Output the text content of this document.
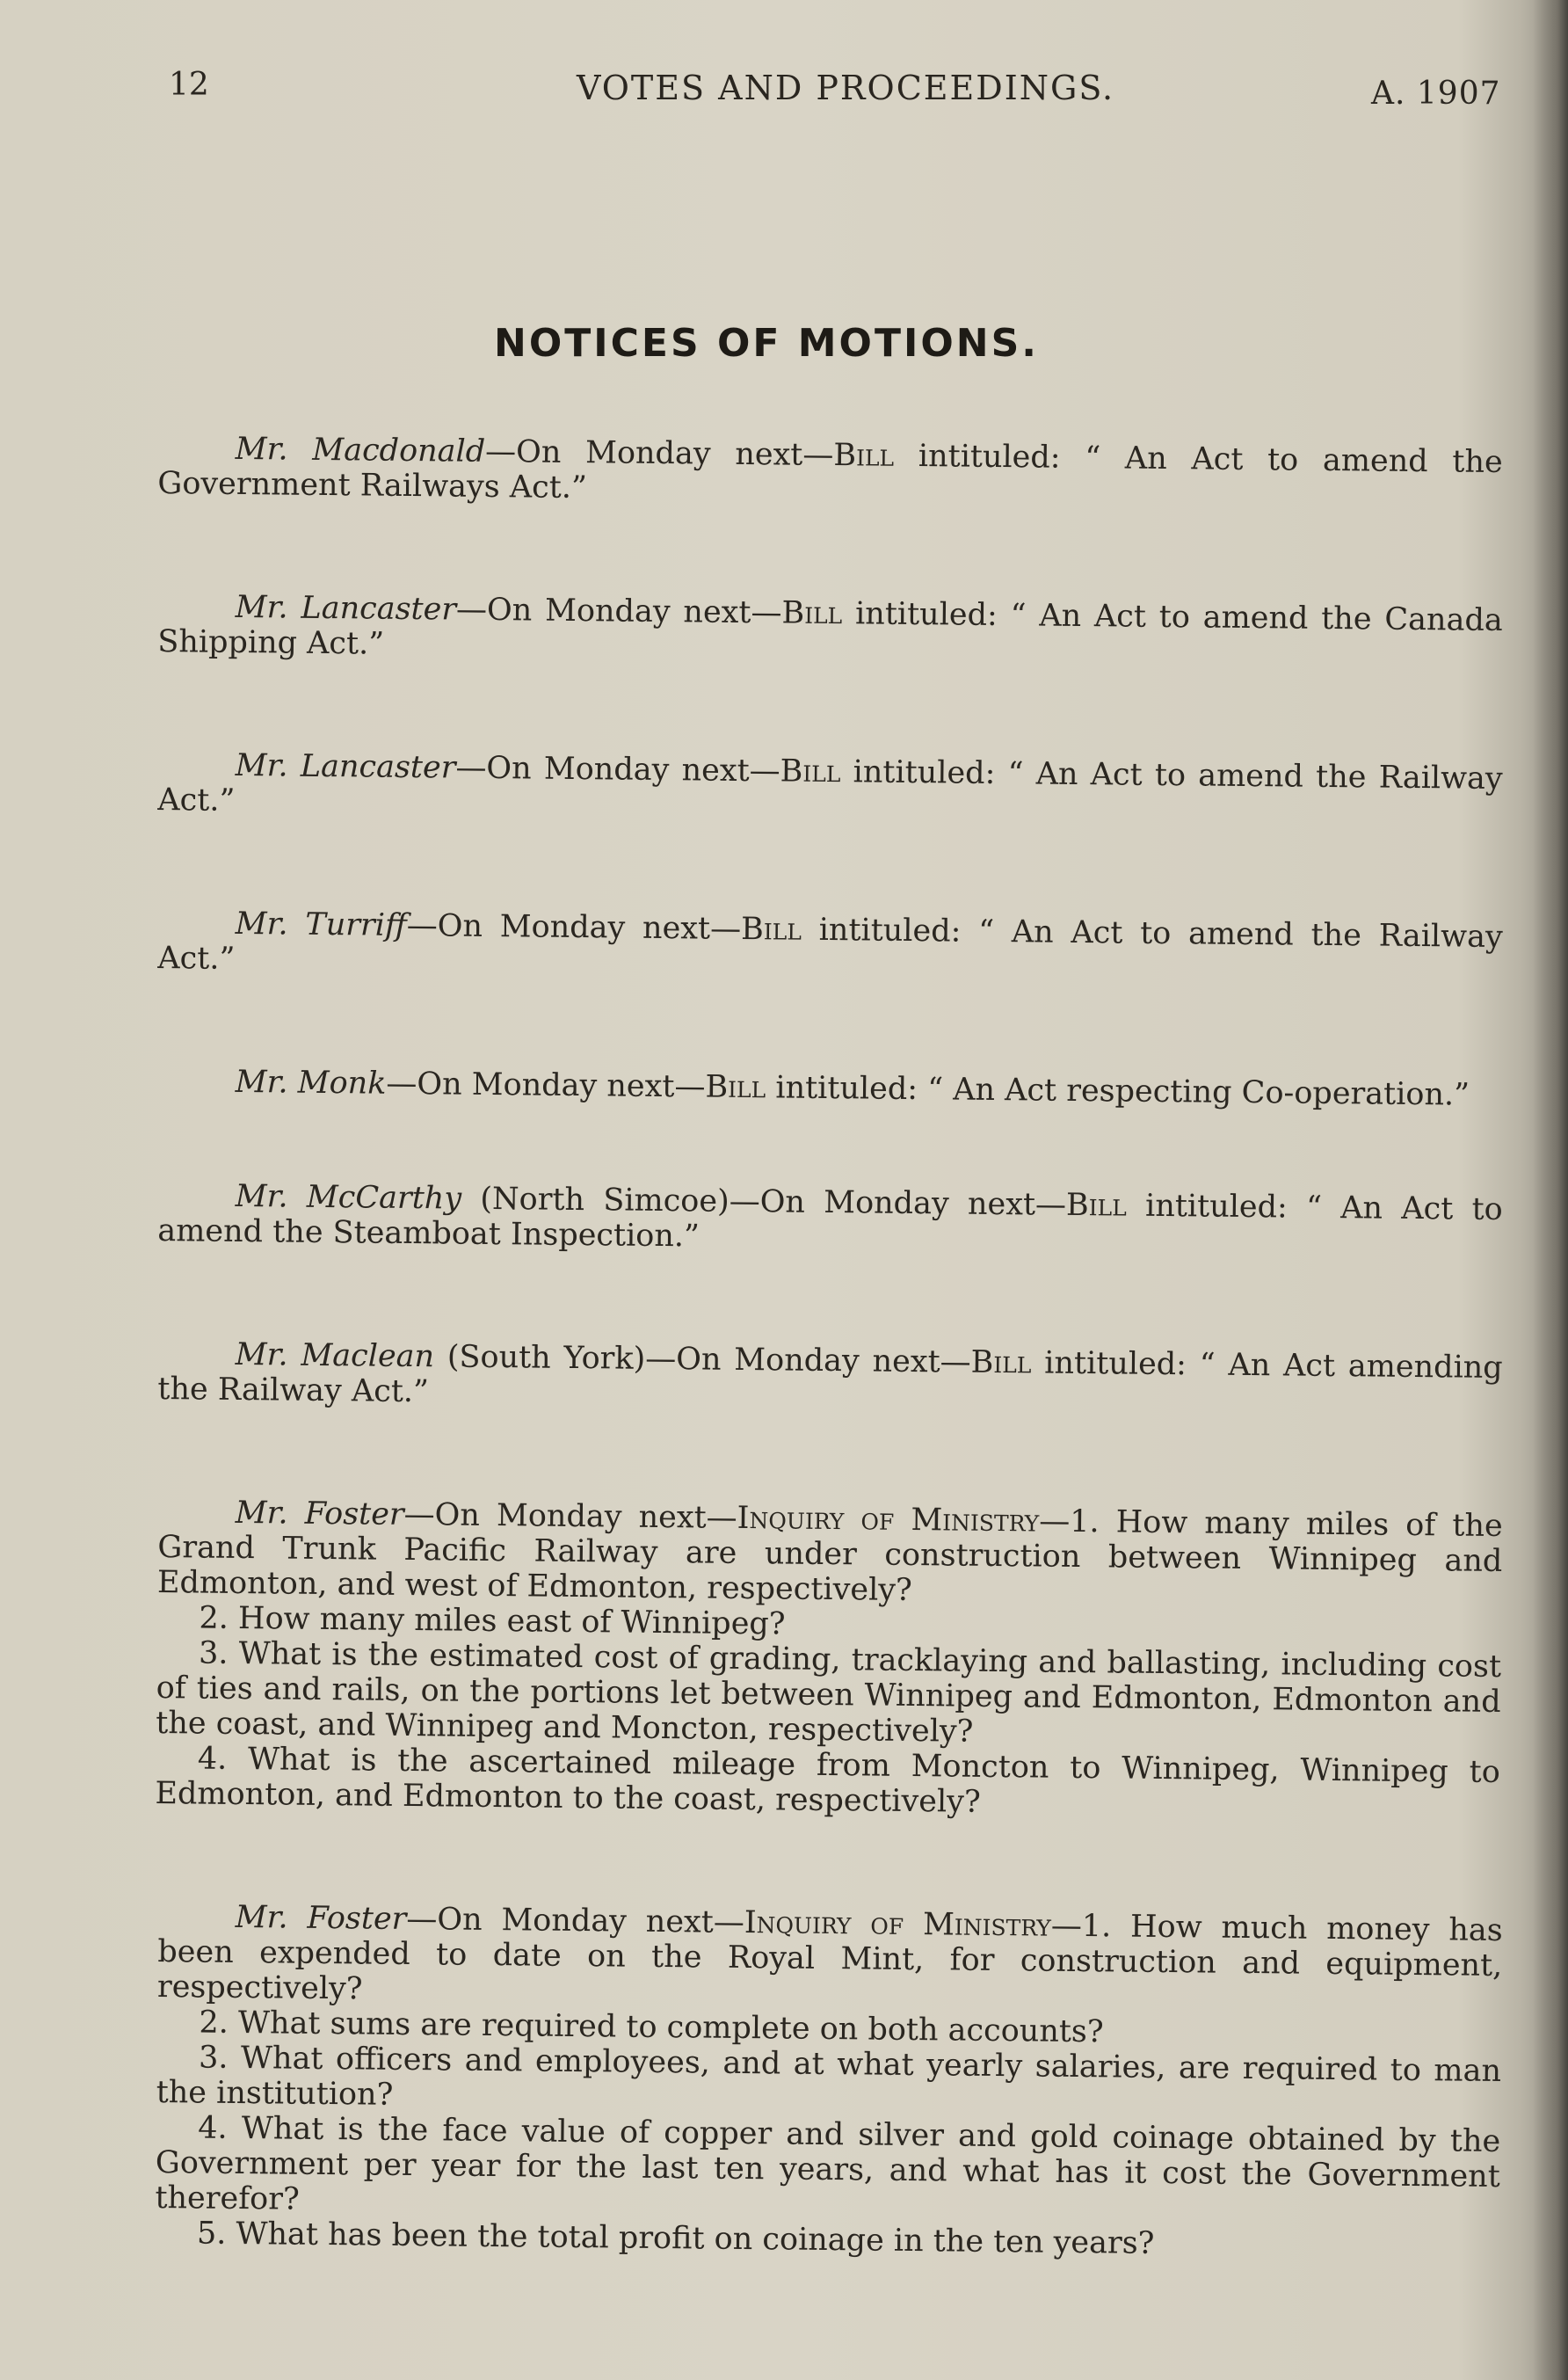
12	VOTES AND PROCEEDINGS.	A. 1907
NOTICES OF MOTIONS.
Mr. Macdonald—On Monday next—Bill intituled: “ An Act to amend the Government Railways Act.”
Mr. Lancaster—On Monday next—Bill intituled: “ An Act to amend the Canada Shipping Act.”
Mr. Lancaster—On Monday next—Bill intituled: “ An Act to amend the Railway Act.”
Mr. Turriff—On Monday next—Bill intituled: “ An Act to amend the Railway Act.”
Mr. Monk—On Monday next—Bill intituled: “ An Act respecting Co-operation.”
Mr. McCarthy (North Simcoe)—On Monday next—Bill intituled: “ An Act to amend the Steamboat Inspection.”
Mr. Maclean (South York)—On Monday next—Bill intituled: “ An Act amending the Railway Act.”
Mr. Foster—On Monday next—Inquiry of Ministry—1. How many miles of the Grand Trunk Pacific Railway are under construction between Winnipeg and Edmonton, and west of Edmonton, respectively?
2. How many miles east of Winnipeg?
3. What is the estimated cost of grading, tracklaying and ballasting, including cost of ties and rails, on the portions let between Winnipeg and Edmonton, Edmonton and the coast, and Winnipeg and Moncton, respectively?
4. What is the ascertained mileage from Moncton to Winnipeg, Winnipeg to Edmonton, and Edmonton to the coast, respectively?
Mr. Foster—On Monday next—Inquiry of Ministry—1. How much money has been expended to date on the Royal Mint, for construction and equipment, respectively?
2. What sums are required to complete on both accounts?
3. What officers and employees, and at what yearly salaries, are required to man the institution?
4. What is the face value of copper and silver and gold coinage obtained by the Government per year for the last ten years, and what has it cost the Government therefor?
5. What has been the total profit on coinage in the ten years?
